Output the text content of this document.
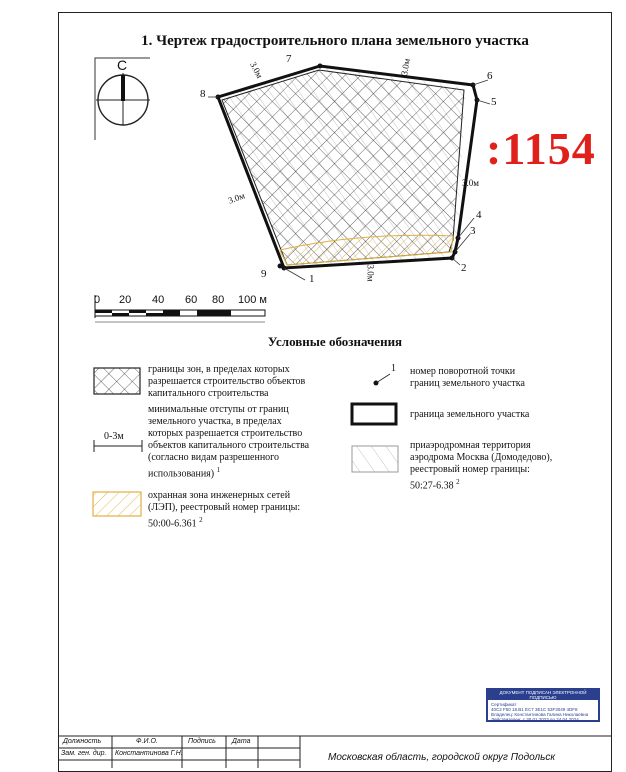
1. Чертеж градостроительного плана земельного участка
С
1
2
3
4
5
6
7
8
9
3.0м	3.0м
3.0м
3.0м
3.0м
:1154
0 20 40 60 80 100 м
Условные обозначения
границы зон, в пределах которых
разрешается строительство объектов
капитального строительства
0-3м
минимальные отступы от границ
земельного участка, в пределах
которых разрешается строительство
объектов капитального строительства
(согласно видам разрешенного
использования) $^1$
охранная зона инженерных сетей
(ЛЭП), реестровый номер границы:
50:00-6.361 $^2$
1 номер поворотной точки
границ земельного участка
граница земельного участка
приаэродромная территория
аэродрома Москва (Домодедово),
реестровый номер границы:
50:27-6.38 $^2$
ДОКУМЕНТ ПОДПИСАН ЭЛЕКТРОННОЙ ПОДПИСЬЮ
Сертификат
40С2 F50 18.В1 ЕС7 3Е1С 53F3049 4DF8
Владелец: Константинова Галина Николаевна
Действителен: с 30.01.2023 по 24.04.2024
Должность	Ф.И.О.	Подпись Дата
Зам. ген. дир. Константинова Г.Н.	Московская область, городской округ Подольск
